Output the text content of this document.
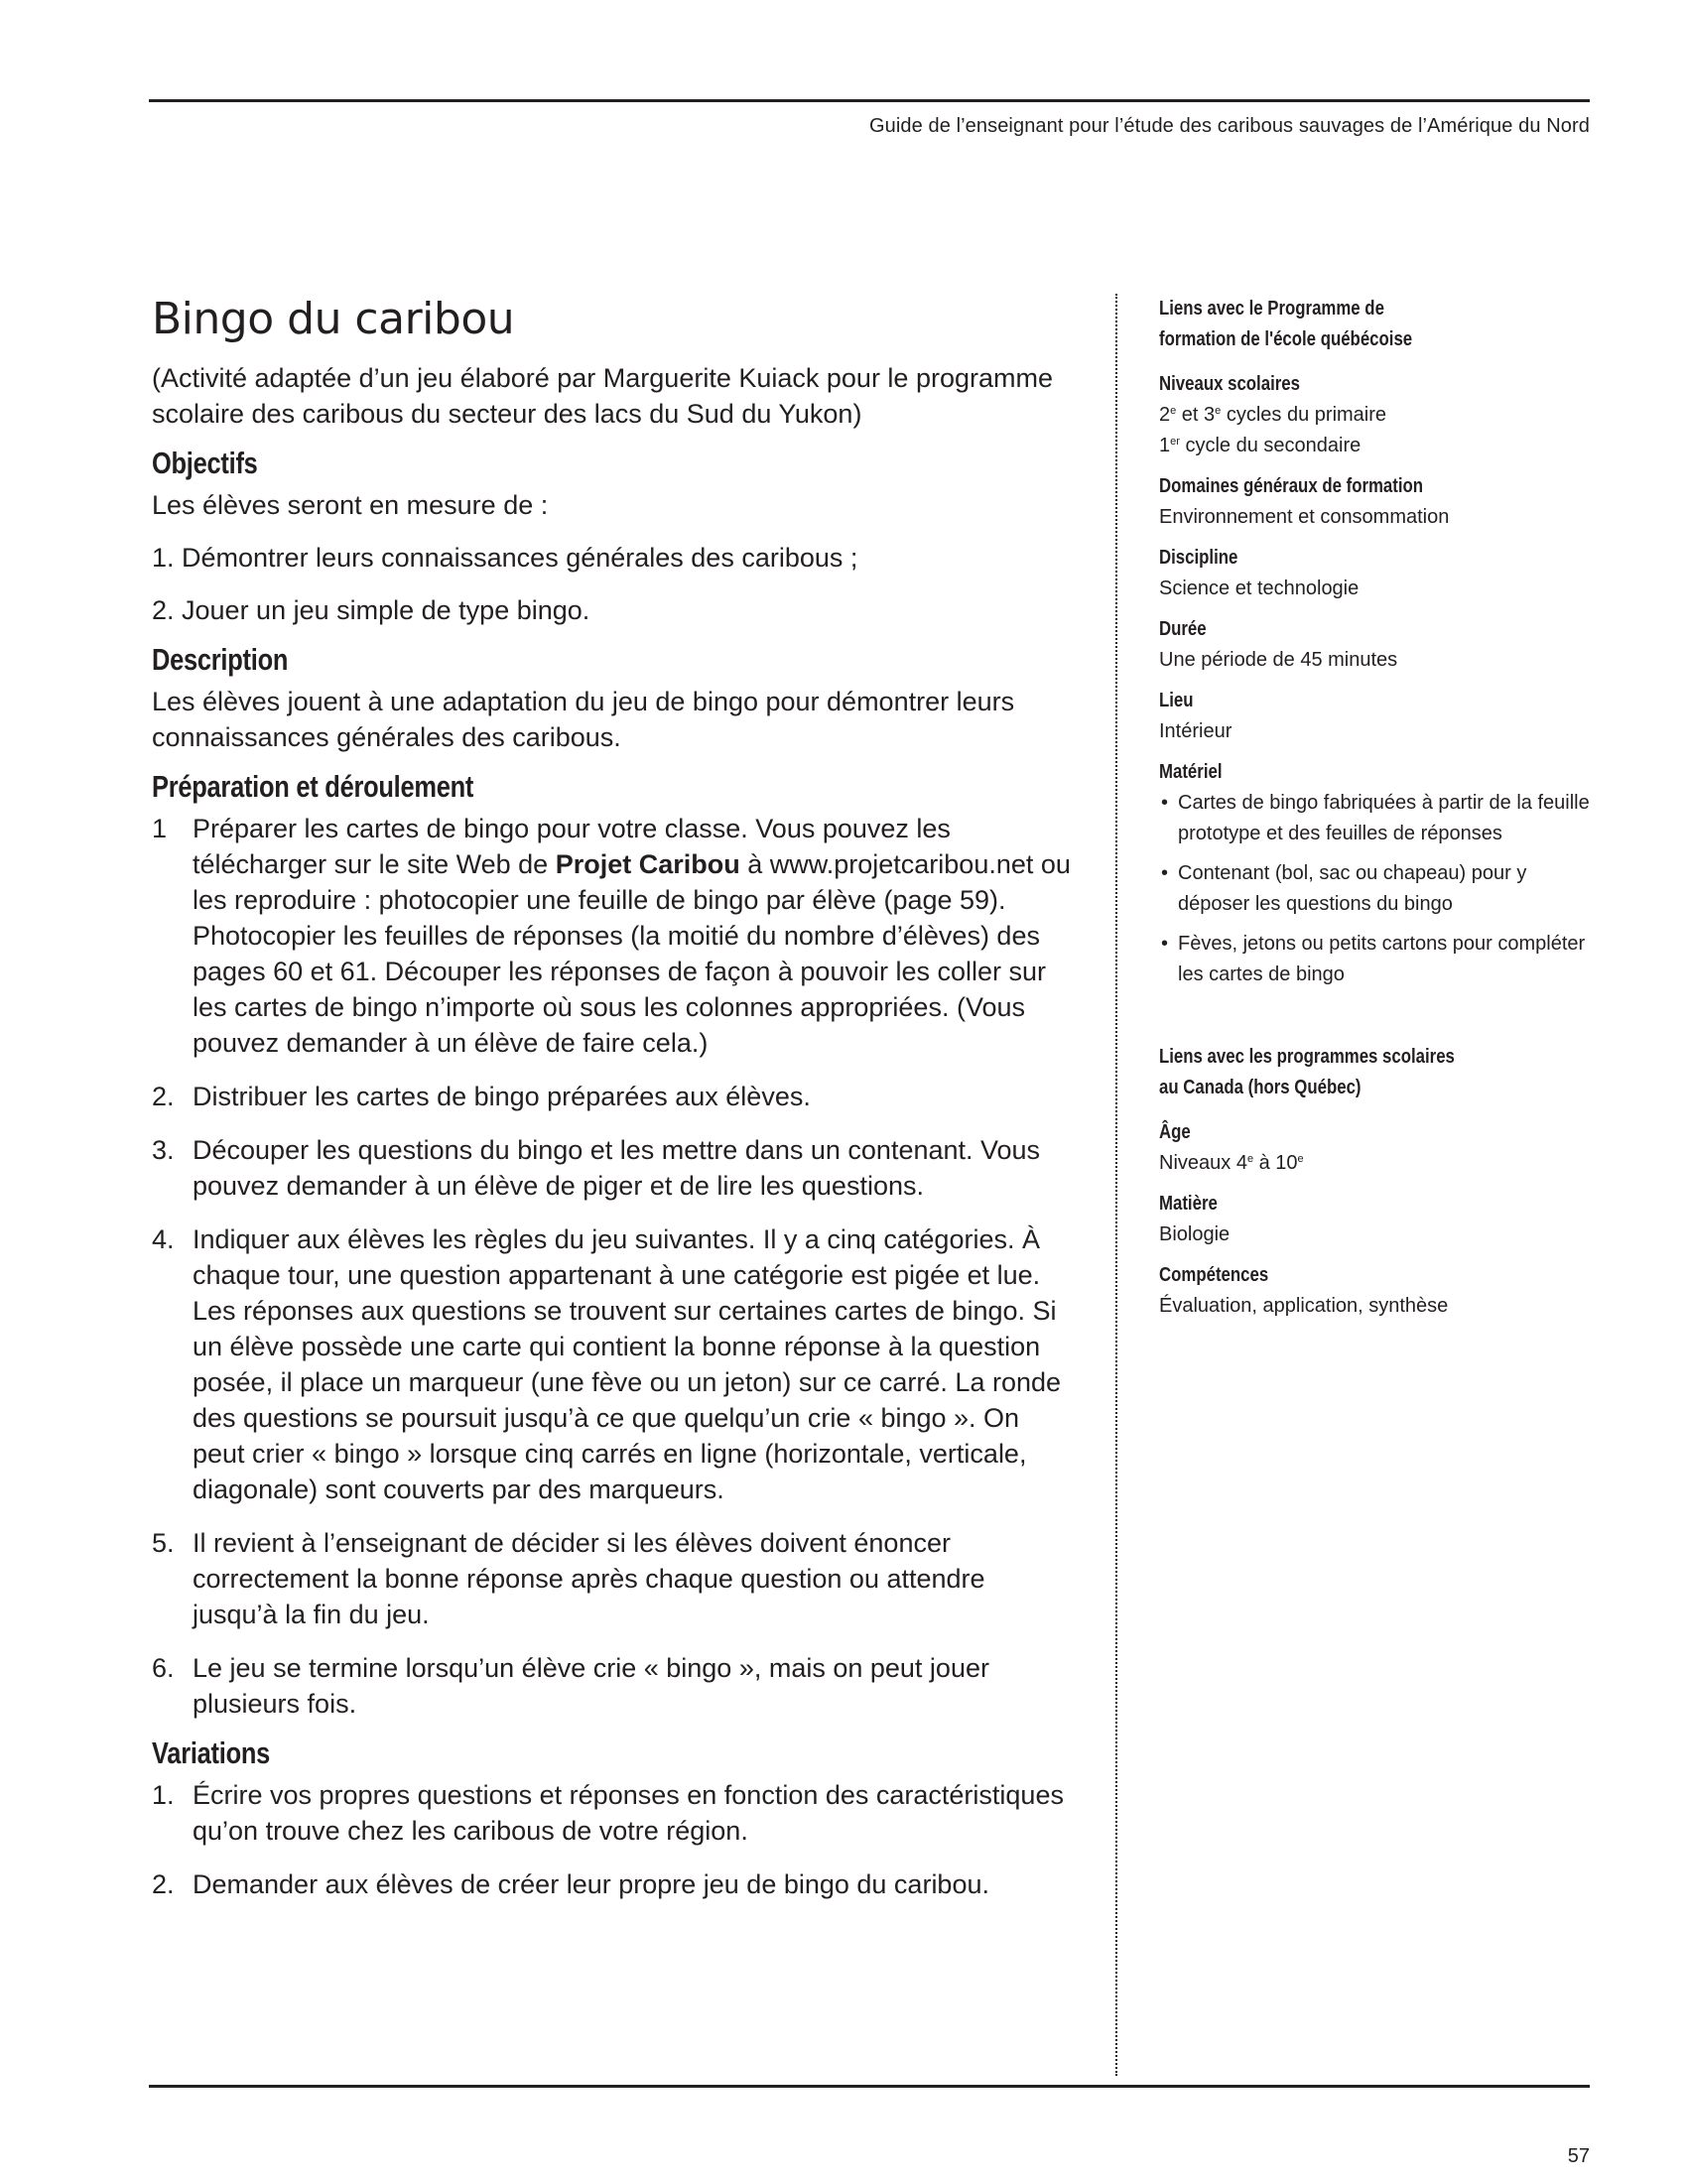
Guide de l’enseignant pour l’étude des caribous sauvages de l’Amérique du Nord
Bingo du caribou

(Activité adaptée d’un jeu élaboré par Marguerite Kuiack pour le programme scolaire des caribous du secteur des lacs du Sud du Yukon)

Objectifs

Les élèves seront en mesure de :

1. Démontrer leurs connaissances générales des caribous ;

2. Jouer un jeu simple de type bingo.

Description

Les élèves jouent à une adaptation du jeu de bingo pour démontrer leurs connaissances générales des caribous.

Préparation et déroulement
1 Préparer les cartes de bingo pour votre classe. Vous pouvez les télécharger sur le site Web de Projet Caribou à www.projetcaribou.net ou les reproduire : photocopier une feuille de bingo par élève (page 59). Photocopier les feuilles de réponses (la moitié du nombre d’élèves) des pages 60 et 61. Découper les réponses de façon à pouvoir les coller sur les cartes de bingo n’importe où sous les colonnes appropriées. (Vous pouvez demander à un élève de faire cela.)
2. Distribuer les cartes de bingo préparées aux élèves.
3. Découper les questions du bingo et les mettre dans un contenant. Vous pouvez demander à un élève de piger et de lire les questions.
4. Indiquer aux élèves les règles du jeu suivantes. Il y a cinq catégories. À chaque tour, une question appartenant à une catégorie est pigée et lue. Les réponses aux questions se trouvent sur certaines cartes de bingo. Si un élève possède une carte qui contient la bonne réponse à la question posée, il place un marqueur (une fève ou un jeton) sur ce carré. La ronde des questions se poursuit jusqu’à ce que quelqu’un crie « bingo ». On peut crier « bingo » lorsque cinq carrés en ligne (horizontale, verticale, diagonale) sont couverts par des marqueurs.
5. Il revient à l’enseignant de décider si les élèves doivent énoncer correctement la bonne réponse après chaque question ou attendre jusqu’à la fin du jeu.
6. Le jeu se termine lorsqu’un élève crie « bingo », mais on peut jouer plusieurs fois.
Variations
1. Écrire vos propres questions et réponses en fonction des caractéristiques qu’on trouve chez les caribous de votre région.
2. Demander aux élèves de créer leur propre jeu de bingo du caribou.
Liens avec le Programme de formation de l'école québécoise
Niveaux scolaires
2e et 3e cycles du primaire
1er cycle du secondaire
Domaines généraux de formation
Environnement et consommation
Discipline
Science et technologie
Durée
Une période de 45 minutes
Lieu
Intérieur
Matériel
• Cartes de bingo fabriquées à partir de la feuille prototype et des feuilles de réponses
• Contenant (bol, sac ou chapeau) pour y déposer les questions du bingo
• Fèves, jetons ou petits cartons pour compléter les cartes de bingo
Liens avec les programmes scolaires au Canada (hors Québec)
Âge
Niveaux 4e à 10e
Matière
Biologie
Compétences
Évaluation, application, synthèse
57
